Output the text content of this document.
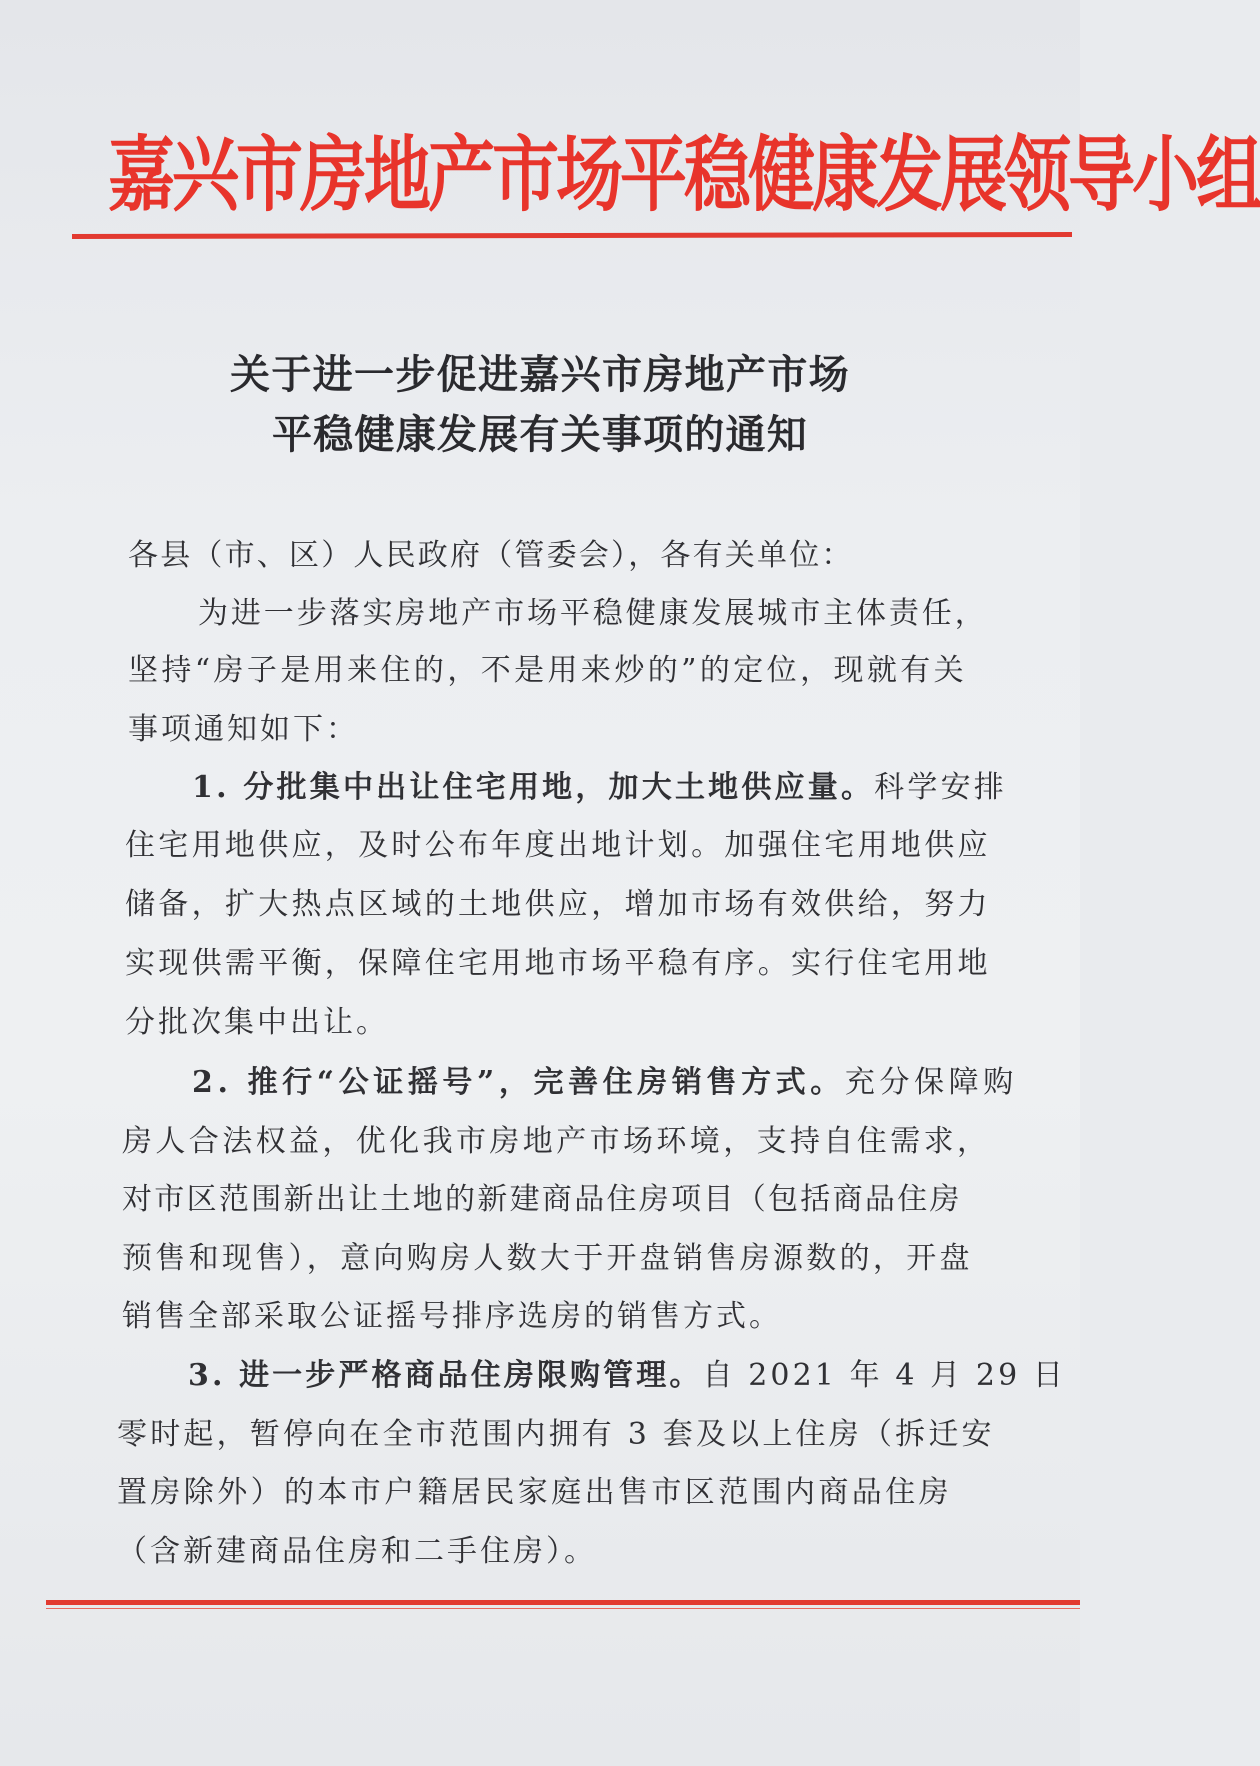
嘉兴市房地产市场平稳健康发展领导小组
关于进一步促进嘉兴市房地产市场
平稳健康发展有关事项的通知
各县（市、区）人民政府（管委会），各有关单位：
为进一步落实房地产市场平稳健康发展城市主体责任，
坚持“房子是用来住的，不是用来炒的”的定位，现就有关
事项通知如下：
1. 分批集中出让住宅用地，加大土地供应量。科学安排
住宅用地供应，及时公布年度出地计划。加强住宅用地供应
储备，扩大热点区域的土地供应，增加市场有效供给，努力
实现供需平衡，保障住宅用地市场平稳有序。实行住宅用地
分批次集中出让。
2. 推行“公证摇号”，完善住房销售方式。充分保障购
房人合法权益，优化我市房地产市场环境，支持自住需求，
对市区范围新出让土地的新建商品住房项目（包括商品住房
预售和现售），意向购房人数大于开盘销售房源数的，开盘
销售全部采取公证摇号排序选房的销售方式。
3. 进一步严格商品住房限购管理。自 2021 年 4 月 29 日
零时起，暂停向在全市范围内拥有 3 套及以上住房（拆迁安
置房除外）的本市户籍居民家庭出售市区范围内商品住房
（含新建商品住房和二手住房）。
